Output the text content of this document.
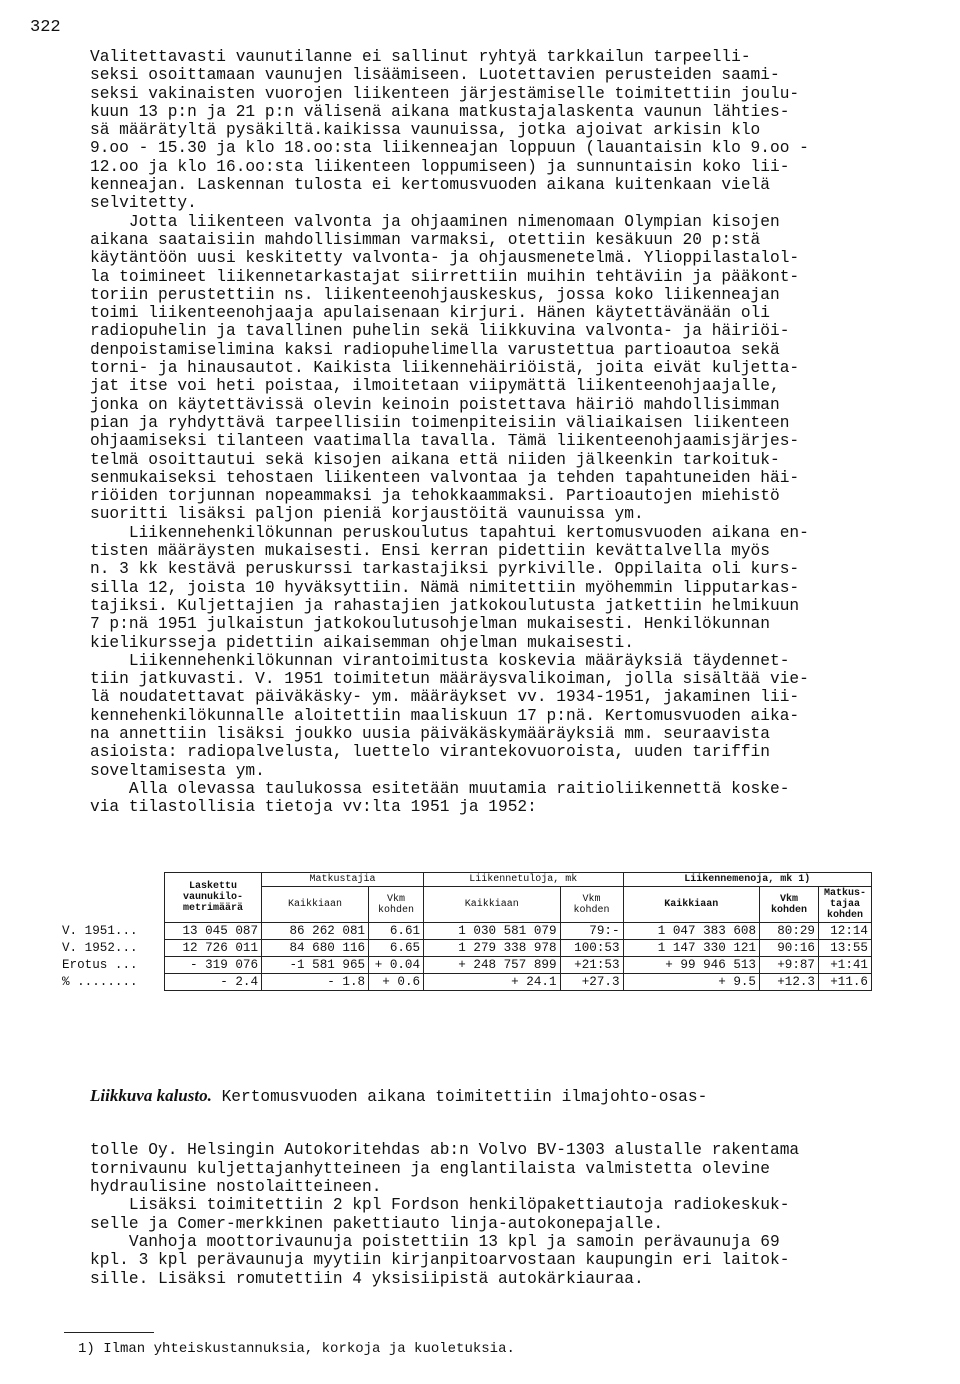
322
Valitettavasti vaunutilanne ei sallinut ryhtyä tarkkailun tarpeelli-
seksi osoittamaan vaunujen lisäämiseen. Luotettavien perusteiden saami-
seksi vakinaisten vuorojen liikenteen järjestämiselle toimitettiin joulu-
kuun 13 p:n ja 21 p:n välisenä aikana matkustajalaskenta vaunun lähties-
sä määrätyltä pysäkiltä.kaikissa vaunuissa, jotka ajoivat arkisin klo
9.oo - 15.30 ja klo 18.oo:sta liikenneajan loppuun (lauantaisin klo 9.oo -
12.oo ja klo 16.oo:sta liikenteen loppumiseen) ja sunnuntaisin koko lii-
kenneajan. Laskennan tulosta ei kertomusvuoden aikana kuitenkaan vielä
selvitetty.
Jotta liikenteen valvonta ja ohjaaminen nimenomaan Olympian kisojen
aikana saataisiin mahdollisimman varmaksi, otettiin kesäkuun 20 p:stä
käytäntöön uusi keskitetty valvonta- ja ohjausmenetelmä. Ylioppilastalol-
la toimineet liikennetarkastajat siirrettiin muihin tehtäviin ja pääkont-
toriin perustettiin ns. liikenteenohjauskeskus, jossa koko liikenneajan
toimi liikenteenohjaaja apulaisenaan kirjuri. Hänen käytettävänään oli
radiopuhelin ja tavallinen puhelin sekä liikkuvina valvonta- ja häiriöi-
denpoistamiselimina kaksi radiopuhelimella varustettua partioautoa sekä
torni- ja hinausautot. Kaikista liikennehäiriöistä, joita eivät kuljetta-
jat itse voi heti poistaa, ilmoitetaan viipymättä liikenteenohjaajalle,
jonka on käytettävissä olevin keinoin poistettava häiriö mahdollisimman
pian ja ryhdyttävä tarpeellisiin toimenpiteisiin väliaikaisen liikenteen
ohjaamiseksi tilanteen vaatimalla tavalla. Tämä liikenteenohjaamisjärjes-
telmä osoittautui sekä kisojen aikana että niiden jälkeenkin tarkoituk-
senmukaiseksi tehostaen liikenteen valvontaa ja tehden tapahtuneiden häi-
riöiden torjunnan nopeammaksi ja tehokkaammaksi. Partioautojen miehistö
suoritti lisäksi paljon pieniä korjaustöitä vaunuissa ym.
Liikennehenkilökunnan peruskoulutus tapahtui kertomusvuoden aikana en-
tisten määräysten mukaisesti. Ensi kerran pidettiin kevättalvella myös
n. 3 kk kestävä peruskurssi tarkastajiksi pyrkiville. Oppilaita oli kurs-
silla 12, joista 10 hyväksyttiin. Nämä nimitettiin myöhemmin lipputarkas-
tajiksi. Kuljettajien ja rahastajien jatkokoulutusta jatkettiin helmikuun
7 p:nä 1951 julkaistun jatkokoulutusohjelman mukaisesti. Henkilökunnan
kielikursseja pidettiin aikaisemman ohjelman mukaisesti.
Liikennehenkilökunnan virantoimitusta koskevia määräyksiä täydennet-
tiin jatkuvasti. V. 1951 toimitetun määräysvalikoiman, jolla sisältää vie-
lä noudatettavat päiväkäsky- ym. määräykset vv. 1934-1951, jakaminen lii-
kennehenkilökunnalle aloitettiin maaliskuun 17 p:nä. Kertomusvuoden aika-
na annettiin lisäksi joukko uusia päiväkäskymääräyksiä mm. seuraavista
asioista: radiopalvelusta, luettelo virantekovuoroista, uuden tariffin
soveltamisesta ym.
Alla olevassa taulukossa esitetään muutamia raitioliikennettä koske-
via tilastollisia tietoja vv:lta 1951 ja 1952:
	Laskettu vaunukilo-metrimäärä	Matkustajia		Liikennetuloja, mk		Liikennemenoja, mk 1)		
		Kaikkiaan	Vkm kohden	Kaikkiaan	Vkm kohden	Kaikkiaan	Vkm kohden	Matkus-tajaa kohden
V. 1951...	13 045 087	86 262 081	6.61	1 030 581 079	79:-	1 047 383 608	80:29	12:14
V. 1952...	12 726 011	84 680 116	6.65	1 279 338 978	100:53	1 147 330 121	90:16	13:55
Erotus ...	- 319 076	-1 581 965	+ 0.04	+ 248 757 899	+21:53	+ 99 946 513	+9:87	+1:41
% ........	- 2.4	- 1.8	+ 0.6	+ 24.1	+27.3	+ 9.5	+12.3	+11.6

Liikkuva kalusto. Kertomusvuoden aikana toimitettiin ilmajohto-osas-

tolle Oy. Helsingin Autokoritehdas ab:n Volvo BV-1303 alustalle rakentama
tornivaunu kuljettajanhytteineen ja englantilaista valmistetta olevine
hydraulisine nostolaitteineen.
Lisäksi toimitettiin 2 kpl Fordson henkilöpakettiautoja radiokeskuk-
selle ja Comer-merkkinen pakettiauto linja-autokonepajalle.
Vanhoja moottorivaunuja poistettiin 13 kpl ja samoin perävaunuja 69
kpl. 3 kpl perävaunuja myytiin kirjanpitoarvostaan kaupungin eri laitok-
sille. Lisäksi romutettiin 4 yksisiipistä autokärkiauraa.

1) Ilman yhteiskustannuksia, korkoja ja kuoletuksia.
